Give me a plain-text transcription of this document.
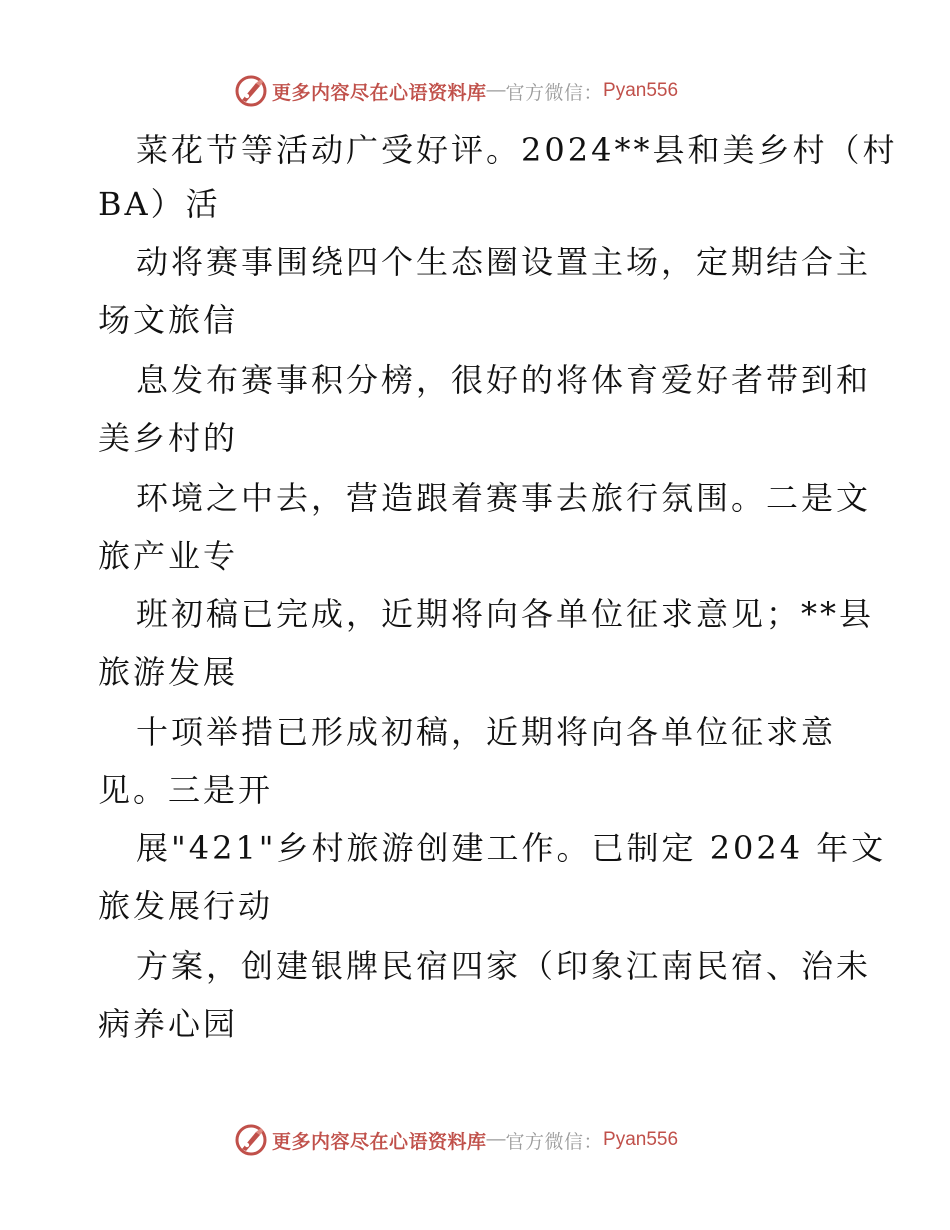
更多内容尽在心语资料库 — 官方微信： Pyan556
菜花节等活动广受好评。2024**县和美乡村（村
BA）活
动将赛事围绕四个生态圈设置主场，定期结合主
场文旅信
息发布赛事积分榜，很好的将体育爱好者带到和
美乡村的
环境之中去，营造跟着赛事去旅行氛围。二是文
旅产业专
班初稿已完成，近期将向各单位征求意见；**县
旅游发展
十项举措已形成初稿，近期将向各单位征求意
见。三是开
展"421"乡村旅游创建工作。已制定 2024 年文
旅发展行动
方案，创建银牌民宿四家（印象江南民宿、治未
病养心园
更多内容尽在心语资料库 — 官方微信： Pyan556
